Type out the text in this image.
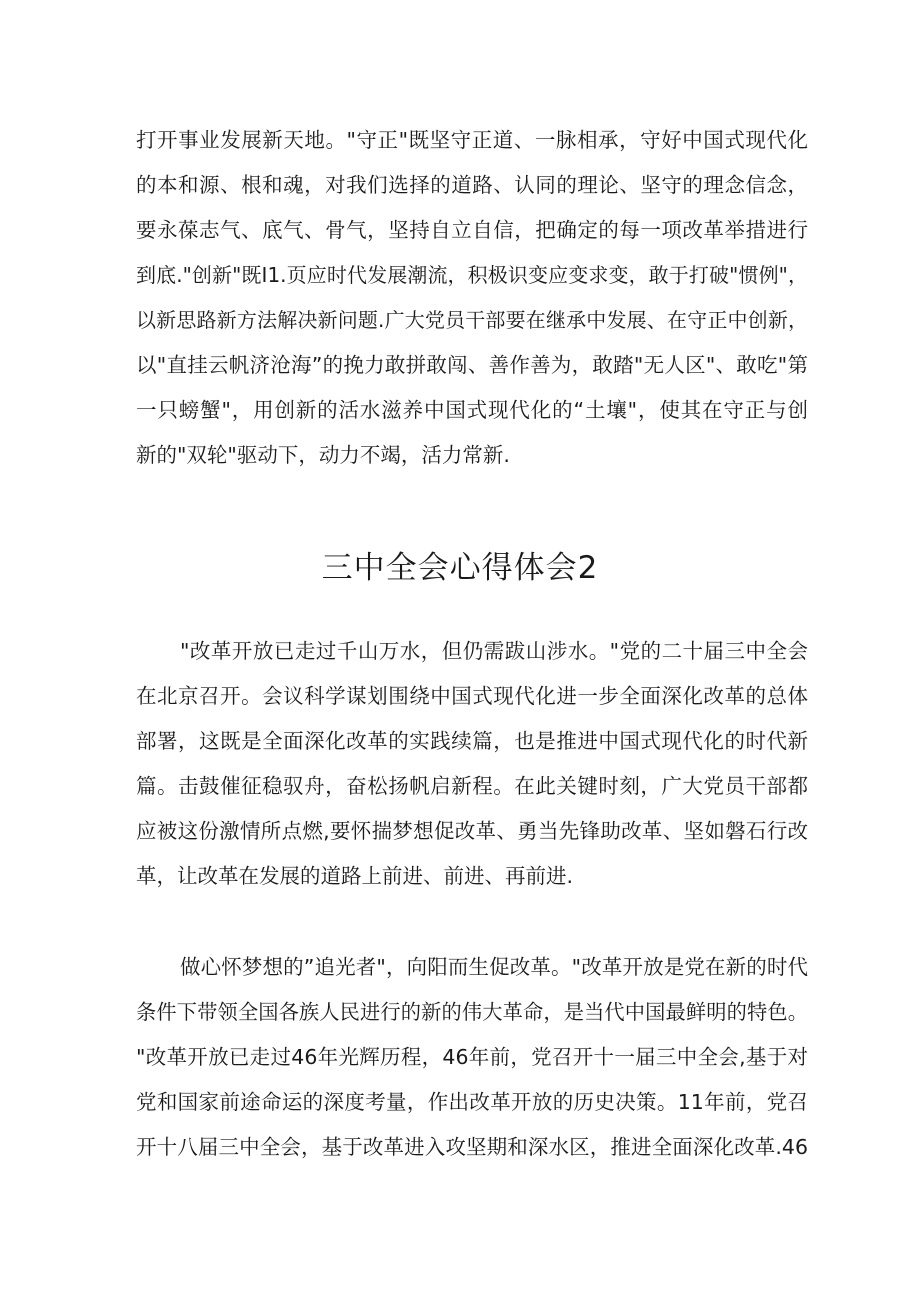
打开事业发展新天地。"守正"既坚守正道、一脉相承，守好中国式现代化
的本和源、根和魂，对我们选择的道路、认同的理论、坚守的理念信念，
要永葆志气、底气、骨气，坚持自立自信，把确定的每一项改革举措进行
到底."创新"既I1.页应时代发展潮流，积极识变应变求变，敢于打破"惯例"，
以新思路新方法解决新问题.广大党员干部要在继承中发展、在守正中创新，
以"直挂云帆济沧海”的挽力敢拼敢闯、善作善为，敢踏"无人区"、敢吃"第
一只螃蟹"，用创新的活水滋养中国式现代化的“土壤"，使其在守正与创
新的"双轮"驱动下，动力不竭，活力常新.
三中全会心得体会2
"改革开放已走过千山万水，但仍需跋山涉水。"党的二十届三中全会
在北京召开。会议科学谋划围绕中国式现代化进一步全面深化改革的总体
部署，这既是全面深化改革的实践续篇，也是推进中国式现代化的时代新
篇。击鼓催征稳驭舟，奋松扬帆启新程。在此关键时刻，广大党员干部都
应被这份激情所点燃,要怀揣梦想促改革、勇当先锋助改革、坚如磐石行改
革，让改革在发展的道路上前进、前进、再前进.
做心怀梦想的”追光者"，向阳而生促改革。"改革开放是党在新的时代
条件下带领全国各族人民进行的新的伟大革命，是当代中国最鲜明的特色。
"改革开放已走过46年光辉历程，46年前，党召开十一届三中全会,基于对
党和国家前途命运的深度考量，作出改革开放的历史决策。11年前，党召
开十八届三中全会，基于改革进入攻坚期和深水区，推进全面深化改革.46
